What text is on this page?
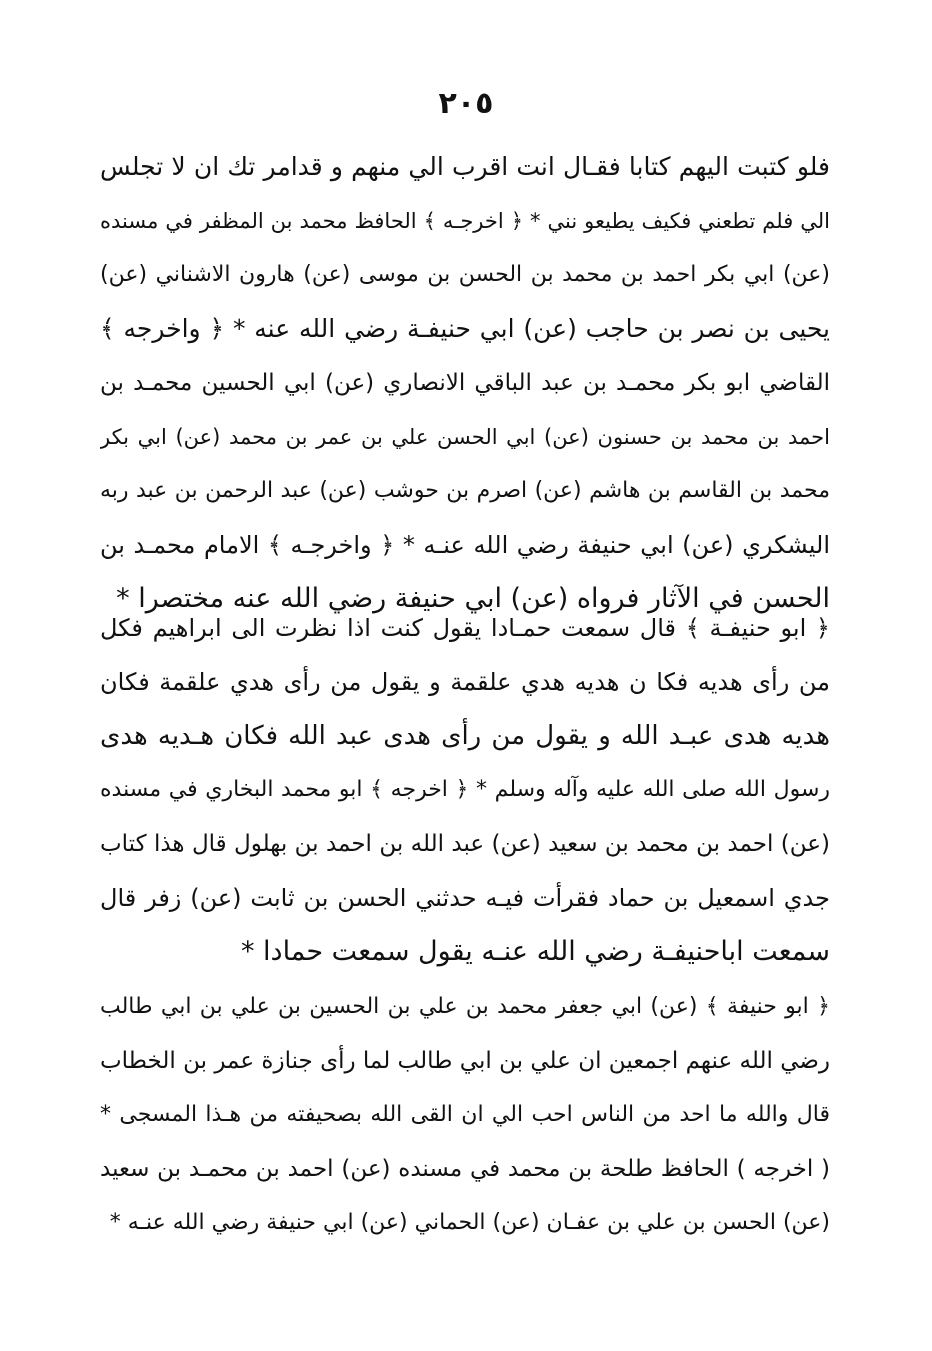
٢٠٥
فلو كتبت اليهم كتابا فقـال انت اقرب الي منهم و قدامر تك ان لا تجلس
الي فلم تطعني فكيف يطيعو نني * ﴿ اخرجـه ﴾ الحافظ محمد بن المظفر في مسنده
(عن) ابي بكر احمد بن محمد بن الحسن بن موسى (عن) هارون الاشناني (عن)
يحيى بن نصر بن حاجب (عن) ابي حنيفـة رضي الله عنه * ﴿ واخرجه ﴾
القاضي ابو بكر محمـد بن عبد الباقي الانصاري (عن) ابي الحسين محمـد بن
احمد بن محمد بن حسنون (عن) ابي الحسن علي بن عمر بن محمد (عن) ابي بكر
محمد بن القاسم بن هاشم (عن) اصرم بن حوشب (عن) عبد الرحمن بن عبد ربه
اليشكري (عن) ابي حنيفة رضي الله عنـه * ﴿ واخرجـه ﴾ الامام محمـد بن
الحسن في الآثار فرواه (عن) ابي حنيفة رضي الله عنه مختصرا *
﴿ ابو حنيفـة ﴾ قال سمعت حمـادا يقول كنت اذا نظرت الى ابراهيم فكل
من رأى هديه فكا ن هديه هدي علقمة و يقول من رأى هدي علقمة فكان
هديه هدى عبـد الله و يقول من رأى هدى عبد الله فكان هـديه هدى
رسول الله صلى الله عليه وآله وسلم * ﴿ اخرجه ﴾ ابو محمد البخاري في مسنده
(عن) احمد بن محمد بن سعيد (عن) عبد الله بن احمد بن بهلول قال هذا كتاب
جدي اسمعيل بن حماد فقرأت فيـه حدثني الحسن بن ثابت (عن) زفر قال
سمعت اباحنيفـة رضي الله عنـه يقول سمعت حمادا *
﴿ ابو حنيفة ﴾ (عن) ابي جعفر محمد بن علي بن الحسين بن علي بن ابي طالب
رضي الله عنهم اجمعين ان علي بن ابي طالب لما رأى جنازة عمر بن الخطاب
قال والله ما احد من الناس احب الي ان القى الله بصحيفته من هـذا المسجى *
( اخرجه ) الحافظ طلحة بن محمد في مسنده (عن) احمد بن محمـد بن سعيد
(عن) الحسن بن علي بن عفـان (عن) الحماني (عن) ابي حنيفة رضي الله عنـه *
